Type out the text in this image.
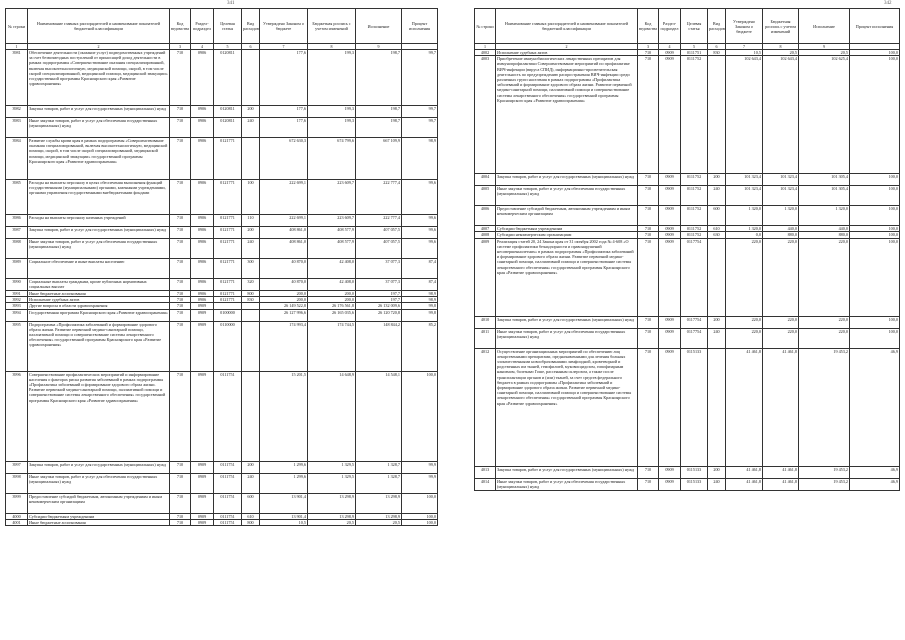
341
№ строки	Наименование главных распорядителей и наименование показателей бюджетной классификации	Код ведомства	Раздел-подраздел	Целевая статья	Вид расходов	Утверждено Законом о бюджете	Бюджетная роспись с учетом изменений	Исполнение	Процент исполнения
1	2	3	4	5	6	7	8	9	
3981	Обеспечение деятельности (оказание услуг) подведомственных учреждений за счет безвозмездных поступлений от приносящей доход деятельности в рамках подпрограммы «Совершенствование оказания специализированной, включая высокотехнологичную, медицинской помощи, скорой, в том числе скорой специализированной, медицинской помощи, медицинской эвакуации» государственной программы Красноярского края «Развитие здравоохранения»	710	0906	0120811		177,6	199,3	198,7	99,7
3982	Закупка товаров, работ и услуг для государственных (муниципальных) нужд	710	0906	0120811	200	177,6	199,3	198,7	99,7
3983	Иные закупки товаров, работ и услуг для обеспечения государственных (муниципальных) нужд	710	0906	0120811	240	177,6	199,3	198,7	99,7
3984	Развитие службы крови края в рамках подпрограммы «Совершенствование оказания специализированной, включая высокотехнологичную, медицинской помощи, скорой, в том числе скорой специализированной, медицинской помощи, медицинской эвакуации» государственной программы Красноярского края «Развитие здравоохранения»	710	0906	0121771		672 630,3	674 799,6	667 109,9	98,9
3985	Расходы на выплаты персоналу в целях обеспечения выполнения функций государственными (муниципальными) органами, казенными учреждениями, органами управления государственными внебюджетными фондами	710	0906	0121771	100	222 699,1	223 609,7	222 777,4	99,6
3986	Расходы на выплаты персоналу казенных учреждений	710	0906	0121771	110	222 699,1	223 609,7	222 777,4	99,6
3987	Закупка товаров, работ и услуг для государственных (муниципальных) нужд	710	0906	0121771	200	408 861,0	408 577,9	407 057,5	99,6
3988	Иные закупки товаров, работ и услуг для обеспечения государственных (муниципальных) нужд	710	0906	0121771	240	408 861,0	408 577,9	407 057,5	99,6
3989	Социальное обеспечение и иные выплаты населению	710	0906	0121771	300	40 870,0	42 408,0	37 077,3	87,4
3990	Социальные выплаты гражданам, кроме публичных нормативных социальных выплат	710	0906	0121771	320	40 870,0	42 408,0	37 077,3	87,4
3991	Иные бюджетные ассигнования	710	0906	0121771	800	200,0	200,0	197,7	98,9
3992	Исполнение судебных актов	710	0906	0121771	830	200,0	200,0	197,7	98,9
3993	Другие вопросы в области здравоохранения	710	0909			26 149 522,8	26 176 561,8	26 132 009,6	99,8
3994	Государственная программа Красноярского края «Развитие здравоохранения»	710	0909	0100000		26 127 996,6	26 165 035,6	26 120 720,8	99,8
3995	Подпрограмма «Профилактика заболеваний и формирование здорового образа жизни. Развитие первичной медико-санитарной помощи, паллиативной помощи и совершенствование системы лекарственного обеспечения» государственной программы Красноярского края «Развитие здравоохранения»	710	0909	0110000		174 993,4	174 744,5	148 844,2	85,2
3996	Совершенствование профилактических мероприятий и информирование населения о факторах риска развития заболеваний в рамках подпрограммы «Профилактика заболеваний и формирование здорового образа жизни. Развитие первичной медико-санитарной помощи, паллиативной помощи и совершенствование системы лекарственного обеспечения» государственной программы Красноярского края «Развитие здравоохранения»	710	0909	0111751		15 201,5	14 648,9	14 548,1	100,0
3997	Закупка товаров, работ и услуг для государственных (муниципальных) нужд	710	0909	0111751	200	1 299,6	1 329,5	1 328,7	99,9
3998	Иные закупки товаров, работ и услуг для обеспечения государственных (муниципальных) нужд	710	0909	0111751	240	1 299,6	1 329,5	1 328,7	99,9
3999	Предоставление субсидий бюджетным, автономным учреждениям и иным некоммерческим организациям	710	0909	0111751	600	13 901,4	13 298,9	13 298,9	100,0
4000	Субсидии бюджетным учреждениям	710	0909	0111751	610	13 901,4	13 298,9	13 298,9	100,0
4001	Иные бюджетные ассигнования	710	0909	0111751	800	10,5	20,5	20,5	100,0
342
№ строки	Наименование главных распорядителей и наименование показателей бюджетной классификации	Код ведомства	Раздел-подраздел	Целевая статья	Вид расходов	Утверждено Законом о бюджете	Бюджетная роспись с учетом изменений	Исполнение	Процент исполнения
1	2	3	4	5	6	7	8	9	
4002	Исполнение судебных актов	710	0909	0111751	830	10,5	20,5	20,5	100,0
4003	Приобретение иммунобиологических лекарственных препаратов для иммунопрофилактики Совершенствование мероприятий по профилактике ВИЧ-инфекции (вируса СПИД), информационно-просветительская деятельность по предупреждению распространения ВИЧ-инфекции среди различных групп населения в рамках подпрограммы «Профилактика заболеваний и формирование здорового образа жизни. Развитие первичной медико-санитарной помощи, паллиативной помощи и совершенствование системы лекарственного обеспечения» государственной программы Красноярского края «Развитие здравоохранения»	710	0909	0111752		102 643,4	102 643,4	102 625,4	100,0
4004	Закупка товаров, работ и услуг для государственных (муниципальных) нужд	710	0909	0111752	200	101 323,4	101 323,4	101 305,4	100,0
4005	Иные закупки товаров, работ и услуг для обеспечения государственных (муниципальных) нужд	710	0909	0111752	240	101 323,4	101 323,4	101 305,4	100,0
4006	Предоставление субсидий бюджетным, автономным учреждениям и иным некоммерческим организациям	710	0909	0111752	600	1 320,0	1 320,0	1 320,0	100,0
4007	Субсидии бюджетным учреждениям	710	0909	0111752	610	1 320,0	440,0	440,0	100,0
4008	Субсидии некоммерческим организациям	710	0909	0111752	630	0,0	880,0	880,0	100,0
4009	Реализация статей 20, 24 Закона края от 31 октября 2002 года № 4-608 «О системе профилактики безнадзорности и правонарушений несовершеннолетних» в рамках подпрограммы «Профилактика заболеваний и формирование здорового образа жизни. Развитие первичной медико-санитарной помощи, паллиативной помощи и совершенствование системы лекарственного обеспечения» государственной программы Красноярского края «Развитие здравоохранения»	710	0909	0117754		220,0	220,0	220,0	100,0
4010	Закупка товаров, работ и услуг для государственных (муниципальных) нужд	710	0909	0117754	200	220,0	220,0	220,0	100,0
4011	Иные закупки товаров, работ и услуг для обеспечения государственных (муниципальных) нужд	710	0909	0117754	240	220,0	220,0	220,0	100,0
4012	Осуществление организационных мероприятий по обеспечению лиц лекарственными препаратами, предназначенными для лечения больных злокачественными новообразованиями лимфоидной, кроветворной и родственных им тканей, гемофилией, муковисцидозом, гипофизарным нанизмом, болезнью Гоше, рассеянным склерозом, а также после трансплантации органов и (или) тканей, за счет средств федерального бюджета в рамках подпрограммы «Профилактика заболеваний и формирование здорового образа жизни. Развитие первичной медико-санитарной помощи, паллиативной помощи и совершенствование системы лекарственного обеспечения» государственной программы Красноярского края «Развитие здравоохранения»	710	0909	0115133		41 461,8	41 461,8	19 453,2	46,9
4013	Закупка товаров, работ и услуг для государственных (муниципальных) нужд	710	0909	0115133	200	41 461,8	41 461,8	19 453,2	46,9
4014	Иные закупки товаров, работ и услуг для обеспечения государственных (муниципальных) нужд	710	0909	0115133	240	41 461,8	41 461,8	19 453,2	46,9
